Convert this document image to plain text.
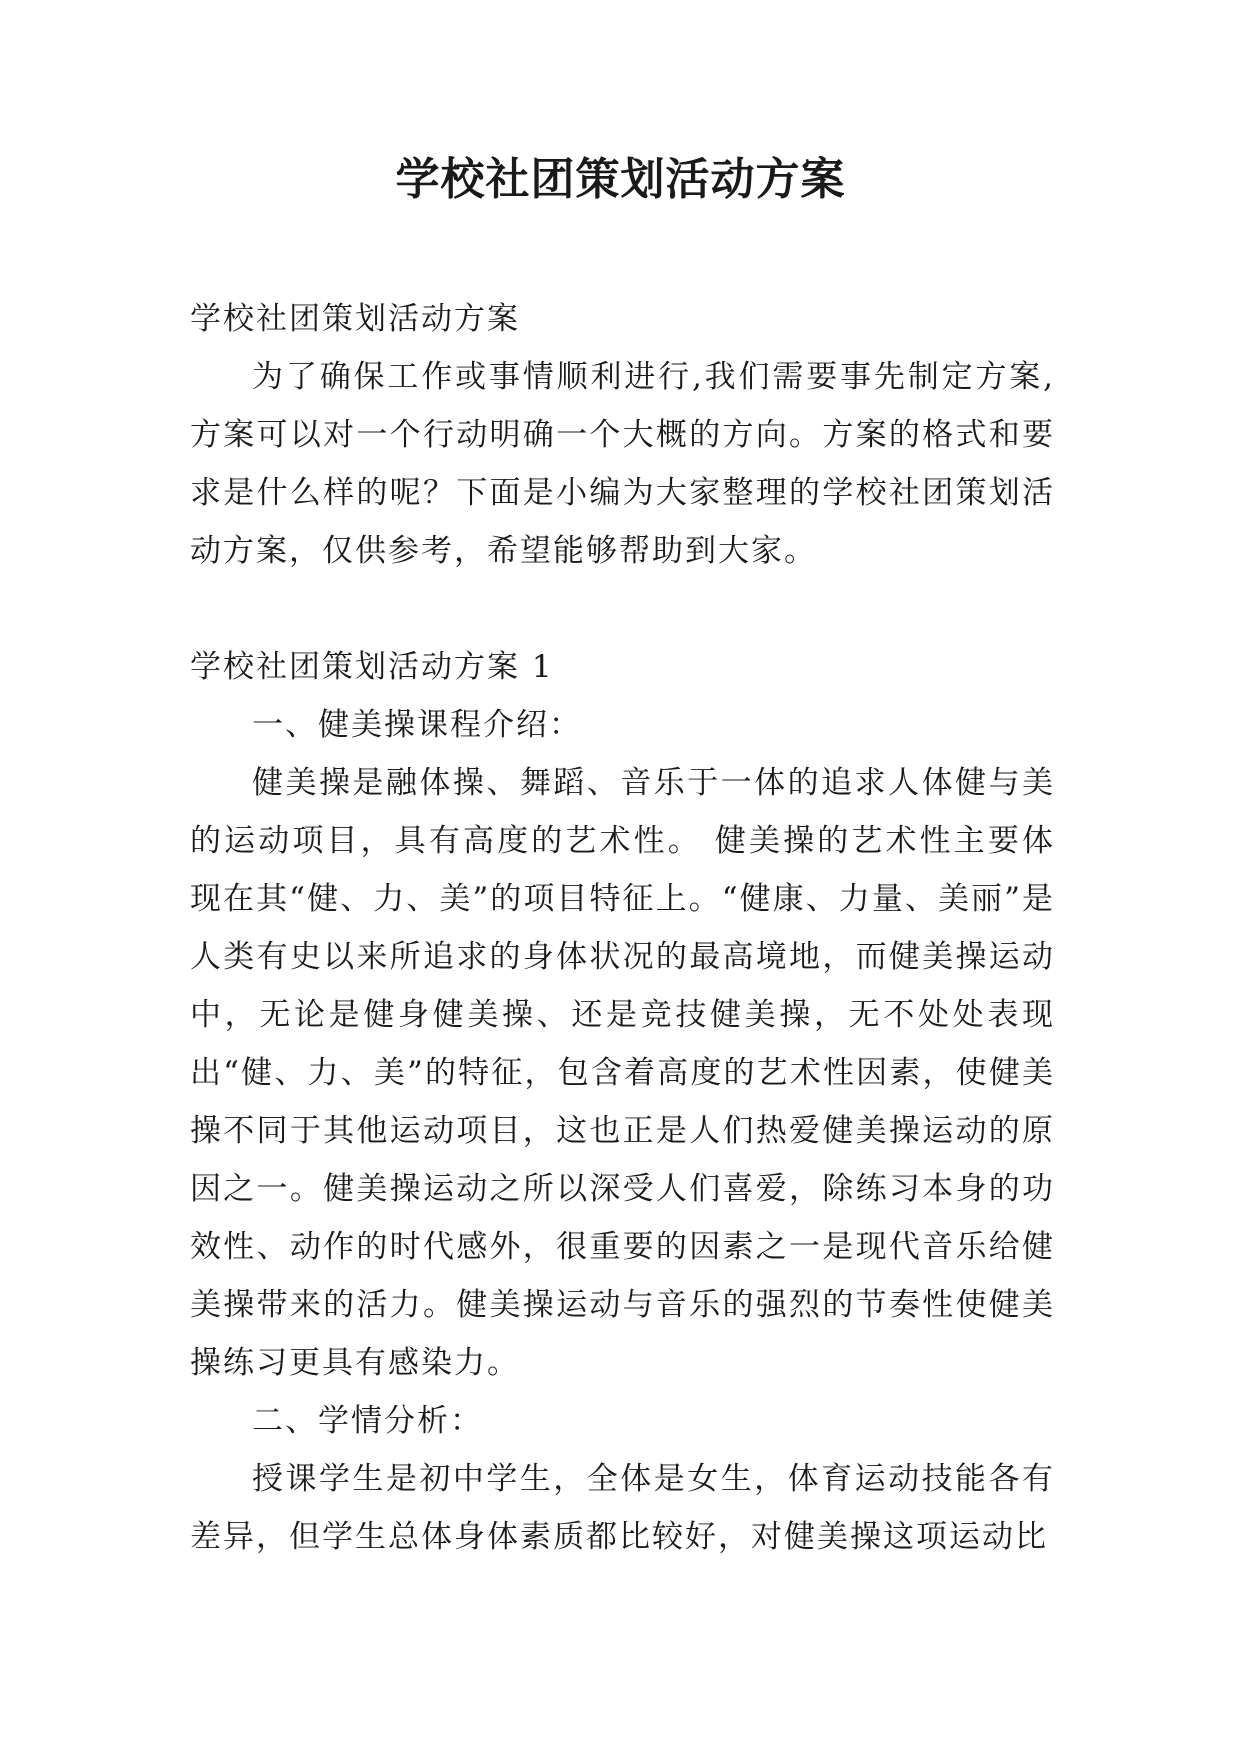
学校社团策划活动方案

学校社团策划活动方案

为了确保工作或事情顺利进行,我们需要事先制定方案,方案可以对一个行动明确一个大概的方向。方案的格式和要求是什么样的呢？下面是小编为大家整理的学校社团策划活动方案，仅供参考，希望能够帮助到大家。

学校社团策划活动方案 1

一、健美操课程介绍：

健美操是融体操、舞蹈、音乐于一体的追求人体健与美的运动项目，具有高度的艺术性。 健美操的艺术性主要体现在其“健、力、美”的项目特征上。“健康、力量、美丽”是人类有史以来所追求的身体状况的最高境地，而健美操运动中，无论是健身健美操、还是竞技健美操，无不处处表现出“健、力、美”的特征，包含着高度的艺术性因素，使健美操不同于其他运动项目，这也正是人们热爱健美操运动的原因之一。健美操运动之所以深受人们喜爱，除练习本身的功效性、动作的时代感外，很重要的因素之一是现代音乐给健美操带来的活力。健美操运动与音乐的强烈的节奏性使健美操练习更具有感染力。

二、学情分析：

授课学生是初中学生，全体是女生，体育运动技能各有差异，但学生总体身体素质都比较好，对健美操这项运动比
